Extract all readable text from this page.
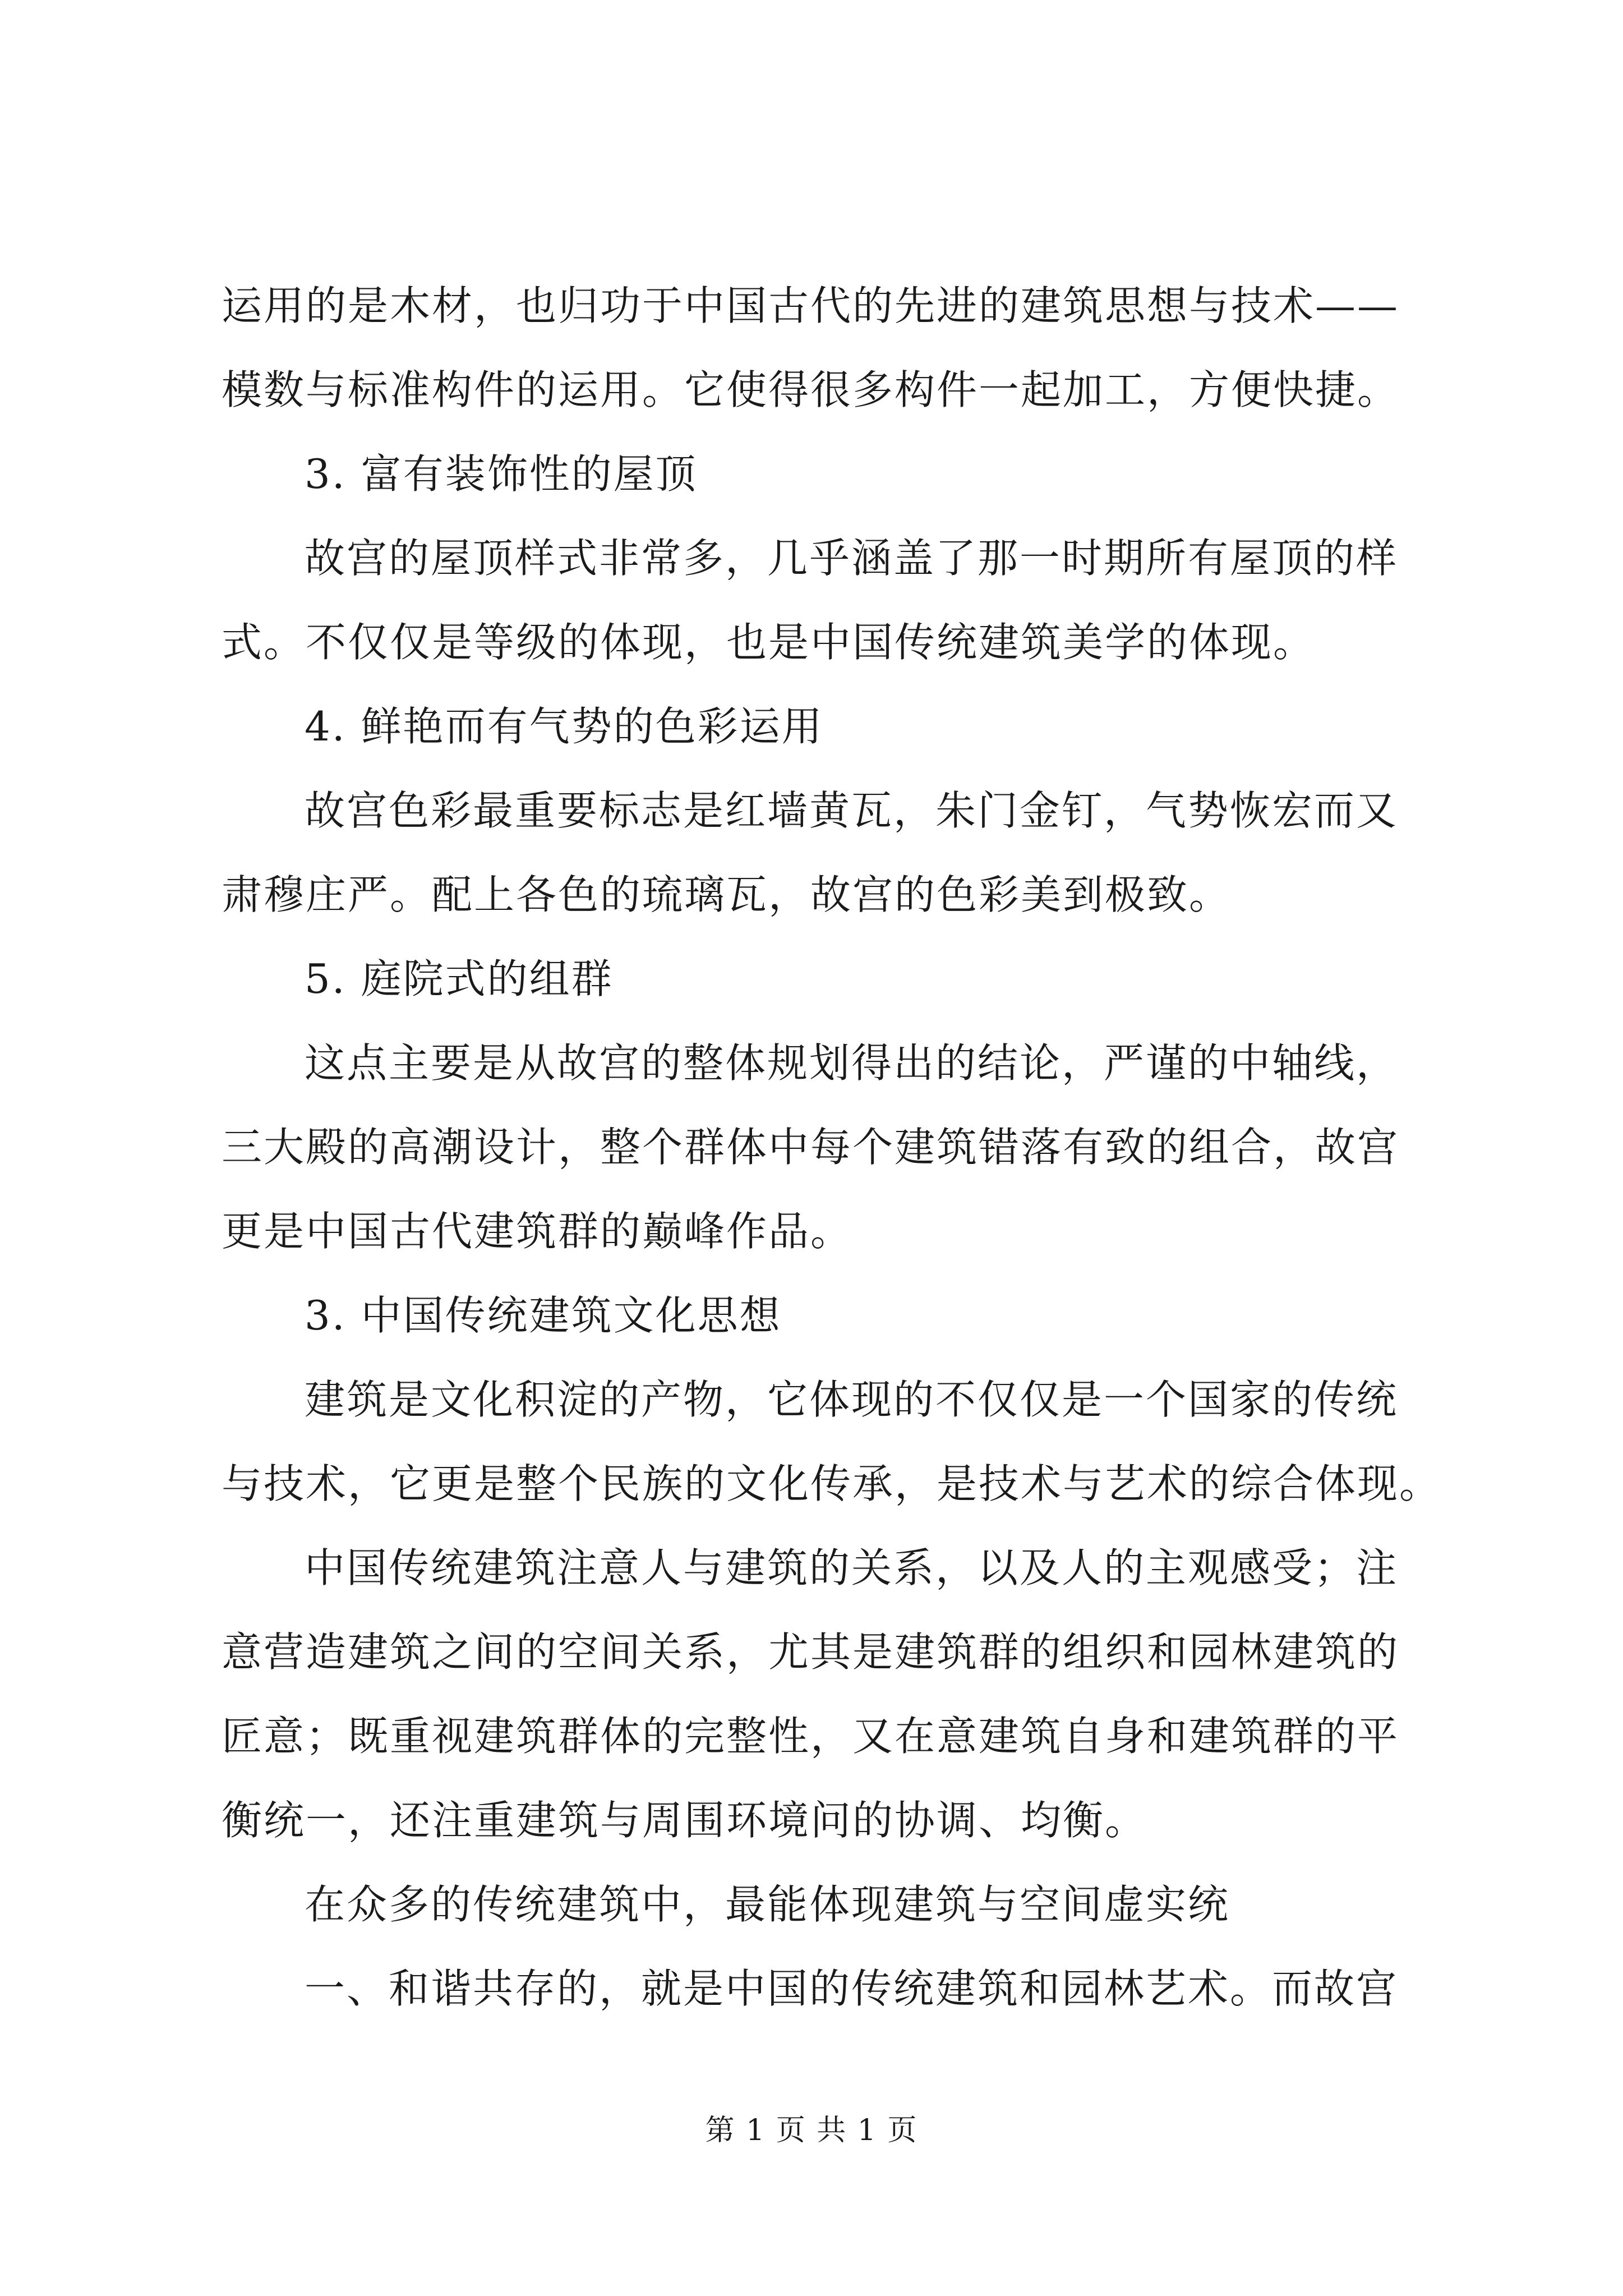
运用的是木材，也归功于中国古代的先进的建筑思想与技术——
模数与标准构件的运用。它使得很多构件一起加工，方便快捷。
3. 富有装饰性的屋顶
故宫的屋顶样式非常多，几乎涵盖了那一时期所有屋顶的样
式。不仅仅是等级的体现，也是中国传统建筑美学的体现。
4. 鲜艳而有气势的色彩运用
故宫色彩最重要标志是红墙黄瓦，朱门金钉，气势恢宏而又
肃穆庄严。配上各色的琉璃瓦，故宫的色彩美到极致。
5. 庭院式的组群
这点主要是从故宫的整体规划得出的结论，严谨的中轴线，
三大殿的高潮设计，整个群体中每个建筑错落有致的组合，故宫
更是中国古代建筑群的巅峰作品。
3. 中国传统建筑文化思想
建筑是文化积淀的产物，它体现的不仅仅是一个国家的传统
与技术，它更是整个民族的文化传承，是技术与艺术的综合体现。
中国传统建筑注意人与建筑的关系，以及人的主观感受；注
意营造建筑之间的空间关系，尤其是建筑群的组织和园林建筑的
匠意；既重视建筑群体的完整性，又在意建筑自身和建筑群的平
衡统一，还注重建筑与周围环境问的协调、均衡。
在众多的传统建筑中，最能体现建筑与空间虚实统
一、和谐共存的，就是中国的传统建筑和园林艺术。而故宫
第 1 页 共 1 页
